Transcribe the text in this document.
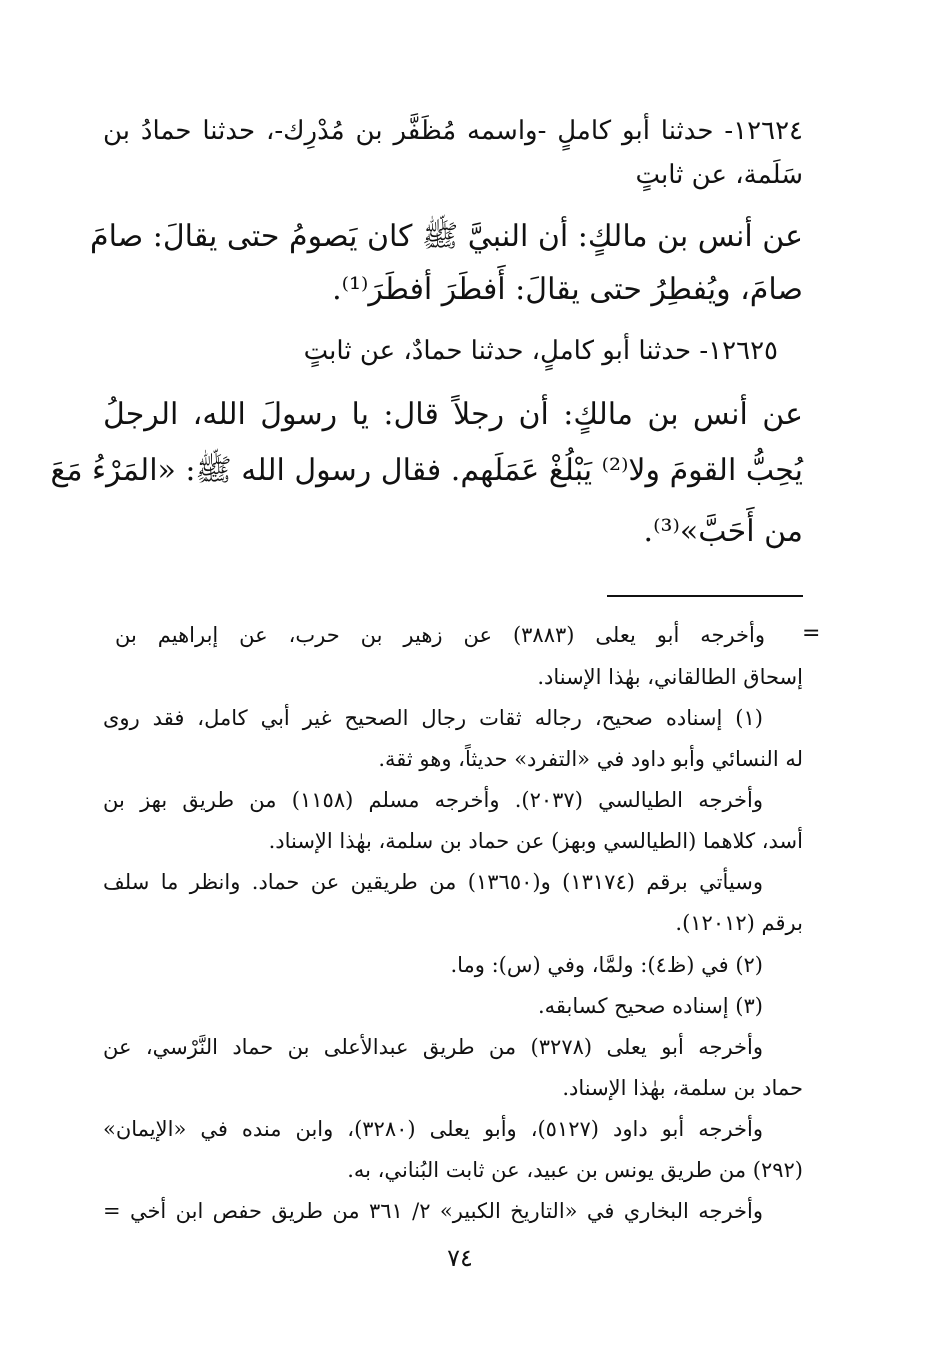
١٢٦٢٤- حدثنا أبو كاملٍ -واسمه مُظَفَّر بن مُدْرِك-، حدثنا حمادُ بن
سَلَمة، عن ثابتٍ
عن أنس بن مالكٍ: أن النبيَّ ﷺ كان يَصومُ حتى يقالَ: صامَ
صامَ، ويُفطِرُ حتى يقالَ: أَفطَرَ أفطَرَ⁽¹⁾.
١٢٦٢٥- حدثنا أبو كاملٍ، حدثنا حمادٌ، عن ثابتٍ
عن أنس بن مالكٍ: أن رجلاً قال: يا رسولَ الله، الرجلُ
يُحِبُّ القومَ ولا⁽²⁾ يَبْلُغْ عَمَلَهم. فقال رسول الله ﷺ: «المَرْءُ مَعَ
من أَحَبَّ»⁽³⁾.
=
وأخرجه أبو يعلى (٣٨٨٣) عن زهير بن حرب، عن إبراهيم بن
إسحاق الطالقاني، بهٰذا الإسناد.
(١) إسناده صحيح، رجاله ثقات رجال الصحيح غير أبي كامل، فقد روى
له النسائي وأبو داود في «التفرد» حديثاً، وهو ثقة.
وأخرجه الطيالسي (٢٠٣٧). وأخرجه مسلم (١١٥٨) من طريق بهز بن
أسد، كلاهما (الطيالسي وبهز) عن حماد بن سلمة، بهٰذا الإسناد.
وسيأتي برقم (١٣١٧٤) و(١٣٦٥٠) من طريقين عن حماد. وانظر ما سلف
برقم (١٢٠١٢).
(٢) في (ظ٤): ولمَّا، وفي (س): وما.
(٣) إسناده صحيح كسابقه.
وأخرجه أبو يعلى (٣٢٧٨) من طريق عبدالأعلى بن حماد النَّرْسي، عن
حماد بن سلمة، بهٰذا الإسناد.
وأخرجه أبو داود (٥١٢٧)، وأبو يعلى (٣٢٨٠)، وابن منده في «الإيمان»
(٢٩٢) من طريق يونس بن عبيد، عن ثابت البُناني، به.
وأخرجه البخاري في «التاريخ الكبير» ٢/ ٣٦١ من طريق حفص ابن أخي =
٧٤
